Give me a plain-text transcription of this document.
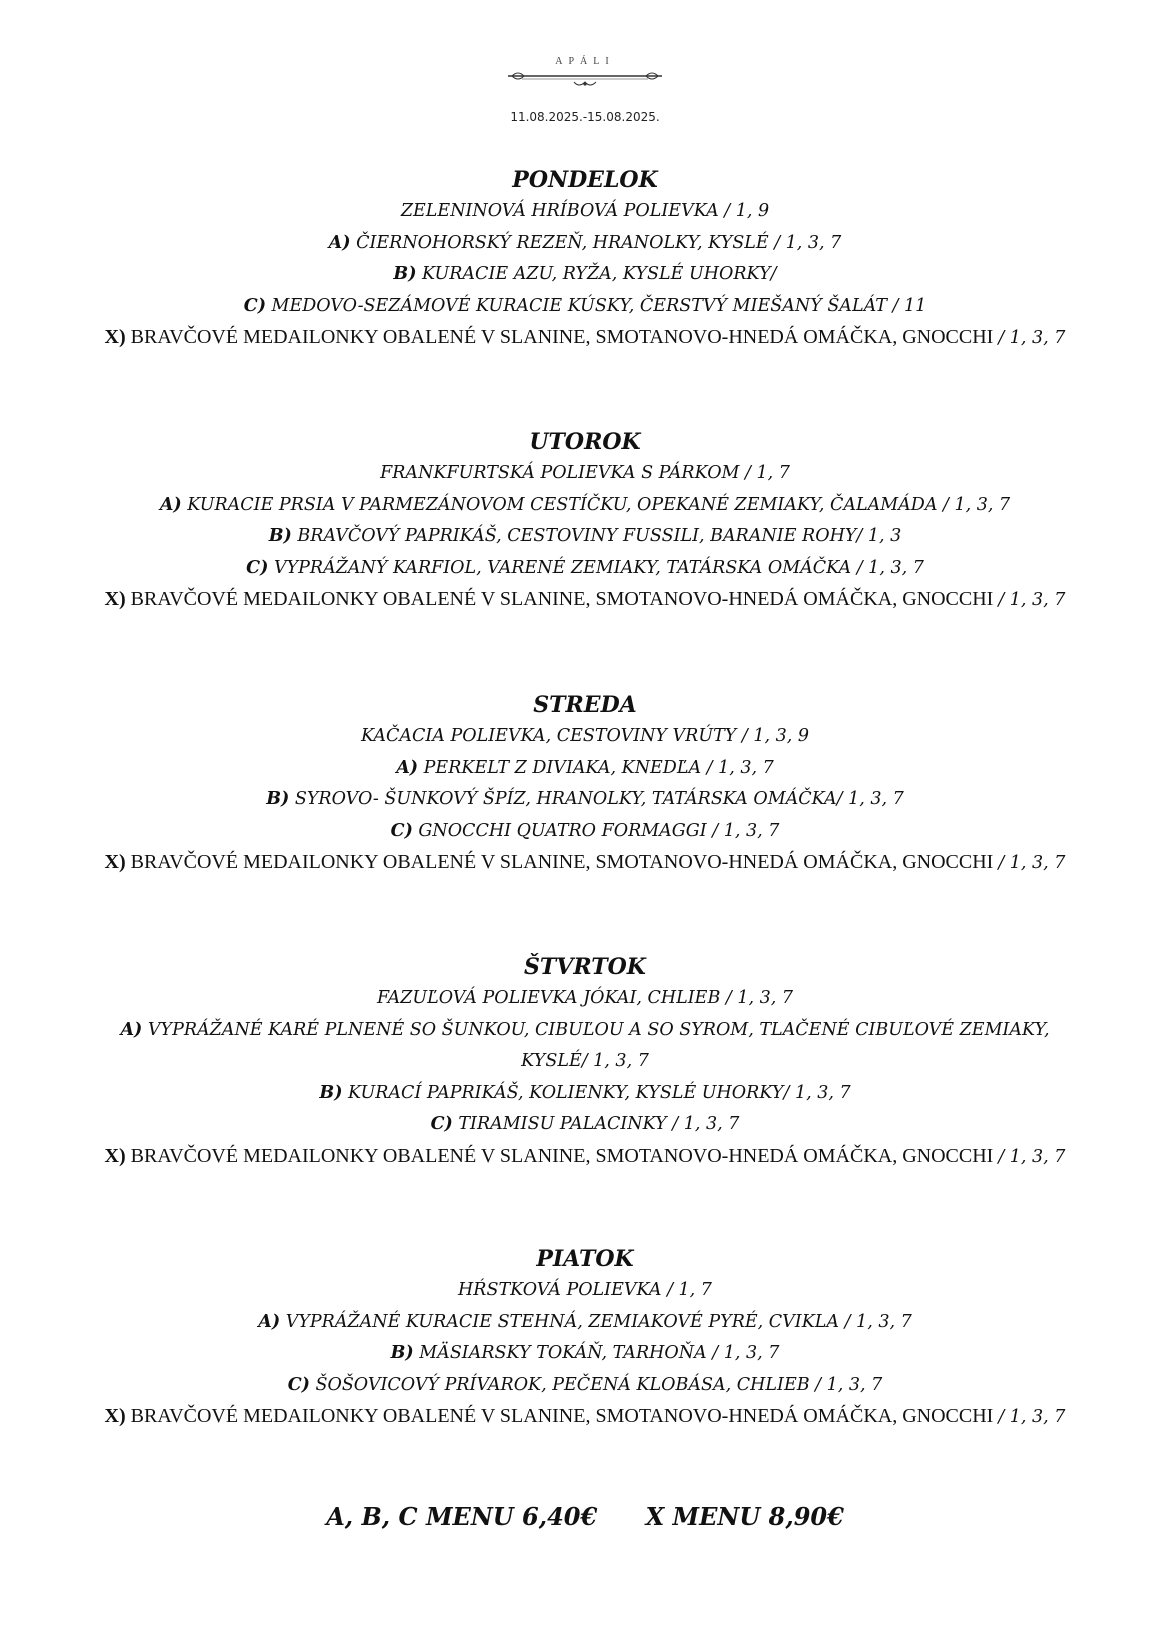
APÁLI
11.08.2025.-15.08.2025.
PONDELOK
ZELENINOVÁ HRÍBOVÁ POLIEVKA / 1, 9
A) ČIERNOHORSKÝ REZEŇ, HRANOLKY, KYSLÉ / 1, 3, 7
B) KURACIE AZU, RYŽA, KYSLÉ UHORKY/
C) MEDOVO-SEZÁMOVÉ KURACIE KÚSKY, ČERSTVÝ MIEŠANÝ ŠALÁT / 11
X) BRAVČOVÉ MEDAILONKY OBALENÉ V SLANINE, SMOTANOVO-HNEDÁ OMÁČKA, GNOCCHI / 1, 3, 7
UTOROK
FRANKFURTSKÁ POLIEVKA S PÁRKOM / 1, 7
A) KURACIE PRSIA V PARMEZÁNOVOM CESTÍČKU, OPEKANÉ ZEMIAKY, ČALAMÁDA / 1, 3, 7
B) BRAVČOVÝ PAPRIKÁŠ, CESTOVINY FUSSILI, BARANIE ROHY/ 1, 3
C) VYPRÁŽANÝ KARFIOL, VARENÉ ZEMIAKY, TATÁRSKA OMÁČKA / 1, 3, 7
X) BRAVČOVÉ MEDAILONKY OBALENÉ V SLANINE, SMOTANOVO-HNEDÁ OMÁČKA, GNOCCHI / 1, 3, 7
STREDA
KAČACIA POLIEVKA, CESTOVINY VRÚTY / 1, 3, 9
A) PERKELT Z DIVIAKA, KNEDĽA / 1, 3, 7
B) SYROVO- ŠUNKOVÝ ŠPÍZ, HRANOLKY, TATÁRSKA OMÁČKA/ 1, 3, 7
C) GNOCCHI QUATRO FORMAGGI / 1, 3, 7
X) BRAVČOVÉ MEDAILONKY OBALENÉ V SLANINE, SMOTANOVO-HNEDÁ OMÁČKA, GNOCCHI / 1, 3, 7
ŠTVRTOK
FAZUĽOVÁ POLIEVKA JÓKAI, CHLIEB / 1, 3, 7
A) VYPRÁŽANÉ KARÉ PLNENÉ SO ŠUNKOU, CIBUĽOU A SO SYROM, TLAČENÉ CIBUĽOVÉ ZEMIAKY, KYSLÉ/ 1, 3, 7
B) KURACÍ PAPRIKÁŠ, KOLIENKY, KYSLÉ UHORKY/ 1, 3, 7
C) TIRAMISU PALACINKY / 1, 3, 7
X) BRAVČOVÉ MEDAILONKY OBALENÉ V SLANINE, SMOTANOVO-HNEDÁ OMÁČKA, GNOCCHI / 1, 3, 7
PIATOK
HŔSTKOVÁ POLIEVKA / 1, 7
A) VYPRÁŽANÉ KURACIE STEHNÁ, ZEMIAKOVÉ PYRÉ, CVIKLA / 1, 3, 7
B) MÄSIARSKY TOKÁŇ, TARHOŇA / 1, 3, 7
C) ŠOŠOVICOVÝ PRÍVAROK, PEČENÁ KLOBÁSA, CHLIEB / 1, 3, 7
X) BRAVČOVÉ MEDAILONKY OBALENÉ V SLANINE, SMOTANOVO-HNEDÁ OMÁČKA, GNOCCHI / 1, 3, 7
A, B, C MENU 6,40€ X MENU 8,90€
